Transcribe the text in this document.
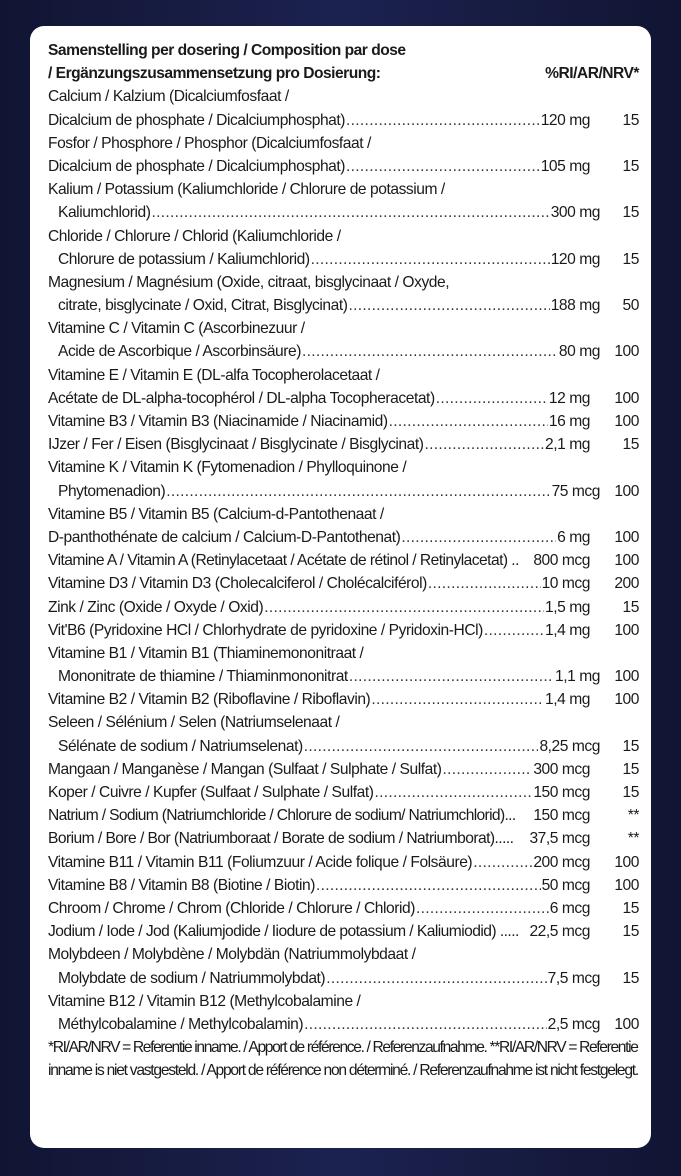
Samenstelling per dosering / Composition par dose
/ Ergänzungszusammensetzung pro Dosierung:	%RI/AR/NRV*
Calcium / Kalzium (Dicalciumfosfaat /
Dicalcium de phosphate / Dicalciumphosphat) .....	120 mg 15
Fosfor / Phosphore / Phosphor (Dicalciumfosfaat /
Dicalcium de phosphate / Dicalciumphosphat) .....	105 mg 15
Kalium / Potassium (Kaliumchloride / Chlorure de potassium /
Kaliumchlorid) .....	300 mg 15
Chloride / Chlorure / Chlorid (Kaliumchloride /
Chlorure de potassium / Kaliumchlorid) .....	120 mg 15
Magnesium / Magnésium (Oxide, citraat, bisglycinaat / Oxyde,
citrate, bisglycinate / Oxid, Citrat, Bisglycinat) .....	188 mg 50
Vitamine C / Vitamin C (Ascorbinezuur /
Acide de Ascorbique / Ascorbinsäure) .....	80 mg 100
Vitamine E / Vitamin E (DL-alfa Tocopherolacetaat /
Acétate de DL-alpha-tocophérol / DL-alpha Tocopheracetat) .....	12 mg 100
Vitamine B3 / Vitamin B3 (Niacinamide / Niacinamid) .....	16 mg 100
IJzer / Fer / Eisen (Bisglycinaat / Bisglycinate / Bisglycinat) .....	2,1 mg 15
Vitamine K / Vitamin K (Fytomenadion / Phylloquinone /
Phytomenadion) .....	75 mcg 100
Vitamine B5 / Vitamin B5 (Calcium-d-Pantothenaat /
D-panthothénate de calcium / Calcium-D-Pantothenat) .....	6 mg 100
Vitamine A / Vitamin A (Retinylacetaat / Acétate de rétinol / Retinylacetat) .. 800 mcg 100
Vitamine D3 / Vitamin D3 (Cholecalciferol / Cholécalciférol) .....	10 mcg 200
Zink / Zinc (Oxide / Oxyde / Oxid) .....	1,5 mg 15
Vit'B6 (Pyridoxine HCl / Chlorhydrate de pyridoxine / Pyridoxin-HCl) .....	1,4 mg 100
Vitamine B1 / Vitamin B1 (Thiaminemononitraat /
Mononitrate de thiamine / Thiaminmononitrat .....	1,1 mg 100
Vitamine B2 / Vitamin B2 (Riboflavine / Riboflavin) .....	1,4 mg 100
Seleen / Sélénium / Selen (Natriumselenaat /
Sélénate de sodium / Natriumselenat) .....	8,25 mcg 15
Mangaan / Manganèse / Mangan (Sulfaat / Sulphate / Sulfat) .....	300 mcg 15
Koper / Cuivre / Kupfer (Sulfaat / Sulphate / Sulfat) .....	150 mcg 15
Natrium / Sodium (Natriumchloride / Chlorure de sodium/ Natriumchlorid)... 150 mcg **
Borium / Bore / Bor (Natriumboraat / Borate de sodium / Natriumborat)..... 37,5 mcg **
Vitamine B11 / Vitamin B11 (Foliumzuur / Acide folique / Folsäure) .....	200 mcg 100
Vitamine B8 / Vitamin B8 (Biotine / Biotin) .....	50 mcg 100
Chroom / Chrome / Chrom (Chloride / Chlorure / Chlorid) .....	6 mcg 15
Jodium / Iode / Jod (Kaliumjodide / Iiodure de potassium / Kaliumiodid) ..... 22,5 mcg 15
Molybdeen / Molybdène / Molybdän (Natriummolybdaat /
Molybdate de sodium / Natriummolybdat) .....	7,5 mcg 15
Vitamine B12 / Vitamin B12 (Methylcobalamine /
Méthylcobalamine / Methylcobalamin) .....	2,5 mcg 100
*RI/AR/NRV = Referentie inname. / Apport de référence. / Referenzaufnahme. **RI/AR/NRV = Referentie
inname is niet vastgesteld. / Apport de référence non déterminé. / Referenzaufnahme ist nicht festgelegt.
